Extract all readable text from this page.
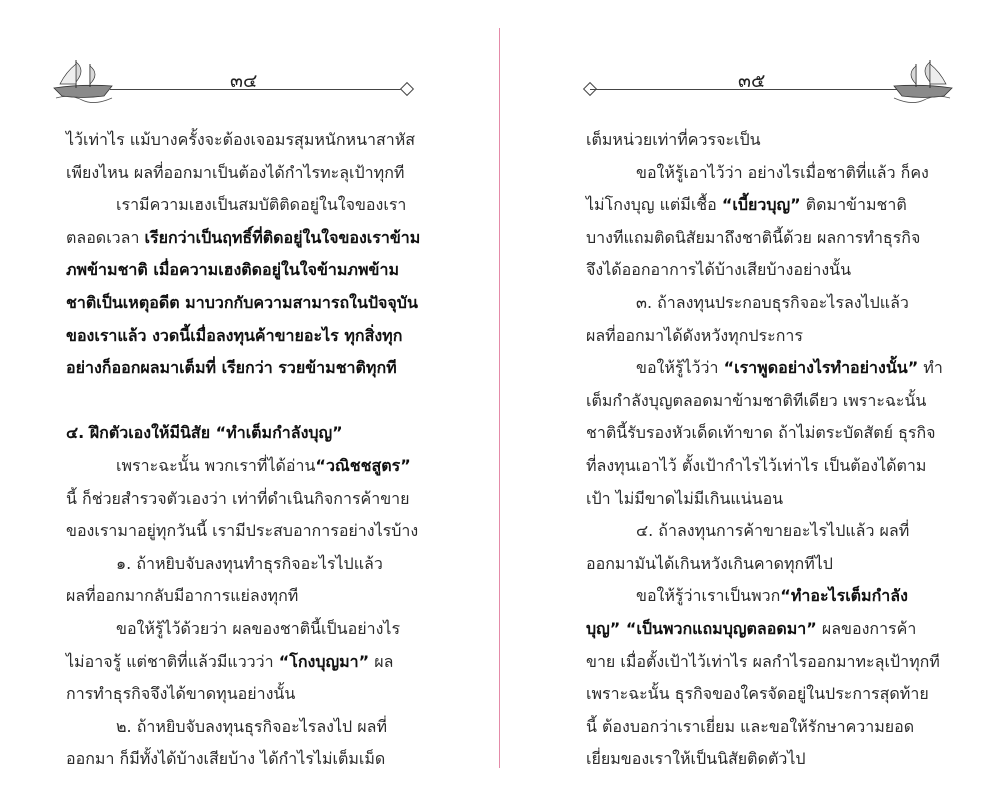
๓๔
ไว้เท่าไร แม้บางครั้งจะต้องเจอมรสุมหนักหนาสาหัส
เพียงไหน ผลที่ออกมาเป็นต้องได้กำไรทะลุเป้าทุกที
เรามีความเฮงเป็นสมบัติติดอยู่ในใจของเรา
ตลอดเวลา เรียกว่าเป็นฤทธิ์ที่ติดอยู่ในใจของเราข้าม
ภพข้ามชาติ เมื่อความเฮงติดอยู่ในใจข้ามภพข้าม
ชาติเป็นเหตุอดีต มาบวกกับความสามารถในปัจจุบัน
ของเราแล้ว งวดนี้เมื่อลงทุนค้าขายอะไร ทุกสิ่งทุก
อย่างก็ออกผลมาเต็มที่ เรียกว่า รวยข้ามชาติทุกที
๔. ฝึกตัวเองให้มีนิสัย “ทำเต็มกำลังบุญ”
เพราะฉะนั้น พวกเราที่ได้อ่าน“วณิชชสูตร”
นี้ ก็ช่วยสำรวจตัวเองว่า เท่าที่ดำเนินกิจการค้าขาย
ของเรามาอยู่ทุกวันนี้ เรามีประสบอาการอย่างไรบ้าง
๑. ถ้าหยิบจับลงทุนทำธุรกิจอะไรไปแล้ว
ผลที่ออกมากลับมีอาการแย่ลงทุกที
ขอให้รู้ไว้ด้วยว่า ผลของชาตินี้เป็นอย่างไร
ไม่อาจรู้ แต่ชาติที่แล้วมีแววว่า “โกงบุญมา” ผล
การทำธุรกิจจึงได้ขาดทุนอย่างนั้น
๒. ถ้าหยิบจับลงทุนธุรกิจอะไรลงไป ผลที่
ออกมา ก็มีทั้งได้บ้างเสียบ้าง ได้กำไรไม่เต็มเม็ด
๓๕
เต็มหน่วยเท่าที่ควรจะเป็น
ขอให้รู้เอาไว้ว่า อย่างไรเมื่อชาติที่แล้ว ก็คง
ไม่โกงบุญ แต่มีเชื้อ “เบี้ยวบุญ” ติดมาข้ามชาติ
บางทีแถมติดนิสัยมาถึงชาตินี้ด้วย ผลการทำธุรกิจ
จึงได้ออกอาการได้บ้างเสียบ้างอย่างนั้น
๓. ถ้าลงทุนประกอบธุรกิจอะไรลงไปแล้ว
ผลที่ออกมาได้ดังหวังทุกประการ
ขอให้รู้ไว้ว่า “เราพูดอย่างไรทำอย่างนั้น” ทำ
เต็มกำลังบุญตลอดมาข้ามชาติทีเดียว เพราะฉะนั้น
ชาตินี้รับรองหัวเด็ดเท้าขาด ถ้าไม่ตระบัดสัตย์ ธุรกิจ
ที่ลงทุนเอาไว้ ตั้งเป้ากำไรไว้เท่าไร เป็นต้องได้ตาม
เป้า ไม่มีขาดไม่มีเกินแน่นอน
๔. ถ้าลงทุนการค้าขายอะไรไปแล้ว ผลที่
ออกมามันได้เกินหวังเกินคาดทุกทีไป
ขอให้รู้ว่าเราเป็นพวก“ทำอะไรเต็มกำลัง
บุญ” “เป็นพวกแถมบุญตลอดมา” ผลของการค้า
ขาย เมื่อตั้งเป้าไว้เท่าไร ผลกำไรออกมาทะลุเป้าทุกที
เพราะฉะนั้น ธุรกิจของใครจัดอยู่ในประการสุดท้าย
นี้ ต้องบอกว่าเราเยี่ยม และขอให้รักษาความยอด
เยี่ยมของเราให้เป็นนิสัยติดตัวไป
